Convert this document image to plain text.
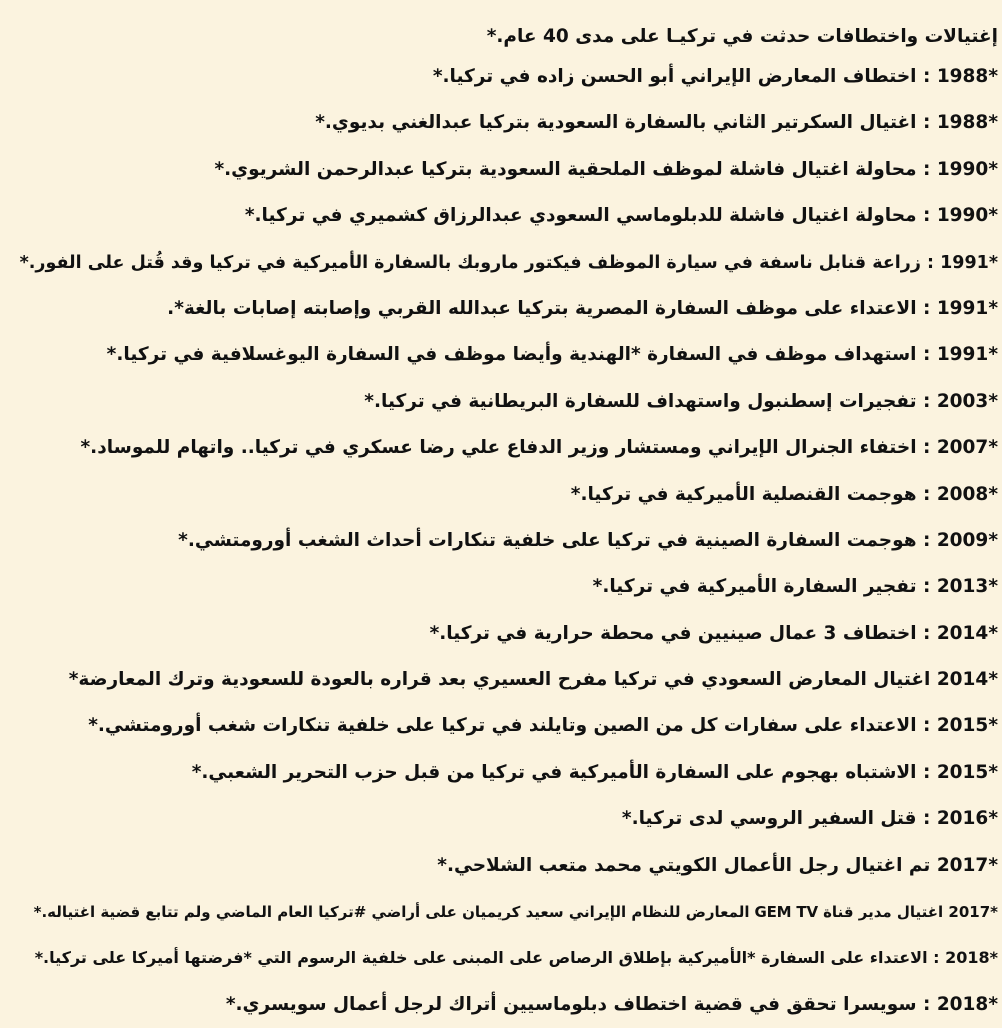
إغتيالات واختطافات حدثت في تركيـا على مدى 40 عام.*
*1988 : اختطاف المعارض الإيراني أبو الحسن زاده في تركيا.*
*1988 : اغتيال السكرتير الثاني بالسفارة السعودية بتركيا عبدالغني بديوي.*
*1990 : محاولة اغتيال فاشلة لموظف الملحقية السعودية بتركيا عبدالرحمن الشريوي.*
*1990 : محاولة اغتيال فاشلة للدبلوماسي السعودي عبدالرزاق كشميري في تركيا.*
*1991 : زراعة قنابل ناسفة في سيارة الموظف فيكتور ماروبك بالسفارة الأميركية في تركيا وقد قُتل على الفور.*
*1991 : الاعتداء على موظف السفارة المصرية بتركيا عبدالله القربي وإصابته إصابات بالغة*.
*1991 : استهداف موظف في السفارة *الهندية وأيضا موظف في السفارة اليوغسلافية في تركيا.*
*2003 : تفجيرات إسطنبول واستهداف للسفارة البريطانية في تركيا.*
*2007 : اختفاء الجنرال الإيراني ومستشار وزير الدفاع علي رضا عسكري في تركيا.. واتهام للموساد.*
*2008 : هوجمت القنصلية الأميركية في تركيا.*
*2009 : هوجمت السفارة الصينية في تركيا على خلفية تنكارات أحداث الشغب أورومتشي.*
*2013 : تفجير السفارة الأميركية في تركيا.*
*2014 : اختطاف 3 عمال صينيين في محطة حرارية في تركيا.*
*2014 اغتيال المعارض السعودي في تركيا مفرح العسيري بعد قراره بالعودة للسعودية وترك المعارضة*
*2015 : الاعتداء على سفارات كل من الصين وتايلند في تركيا على خلفية تنكارات شغب أورومتشي.*
*2015 : الاشتباه بهجوم على السفارة الأميركية في تركيا من قبل حزب التحرير الشعبي.*
*2016 : قتل السفير الروسي لدى تركيا.*
*2017 تم اغتيال رجل الأعمال الكويتي محمد متعب الشلاحي.*
*2017 اغتيال مدير قناة GEM TV المعارض للنظام الإيراني سعيد كريميان على أراضي #تركيا العام الماضي ولم تتابع قضية اغتياله.*
*2018 : الاعتداء على السفارة *الأميركية بإطلاق الرصاص على المبنى على خلفية الرسوم التي *فرضتها أميركا على تركيا.*
*2018 : سويسرا تحقق في قضية اختطاف دبلوماسيين أتراك لرجل أعمال سويسري.*
